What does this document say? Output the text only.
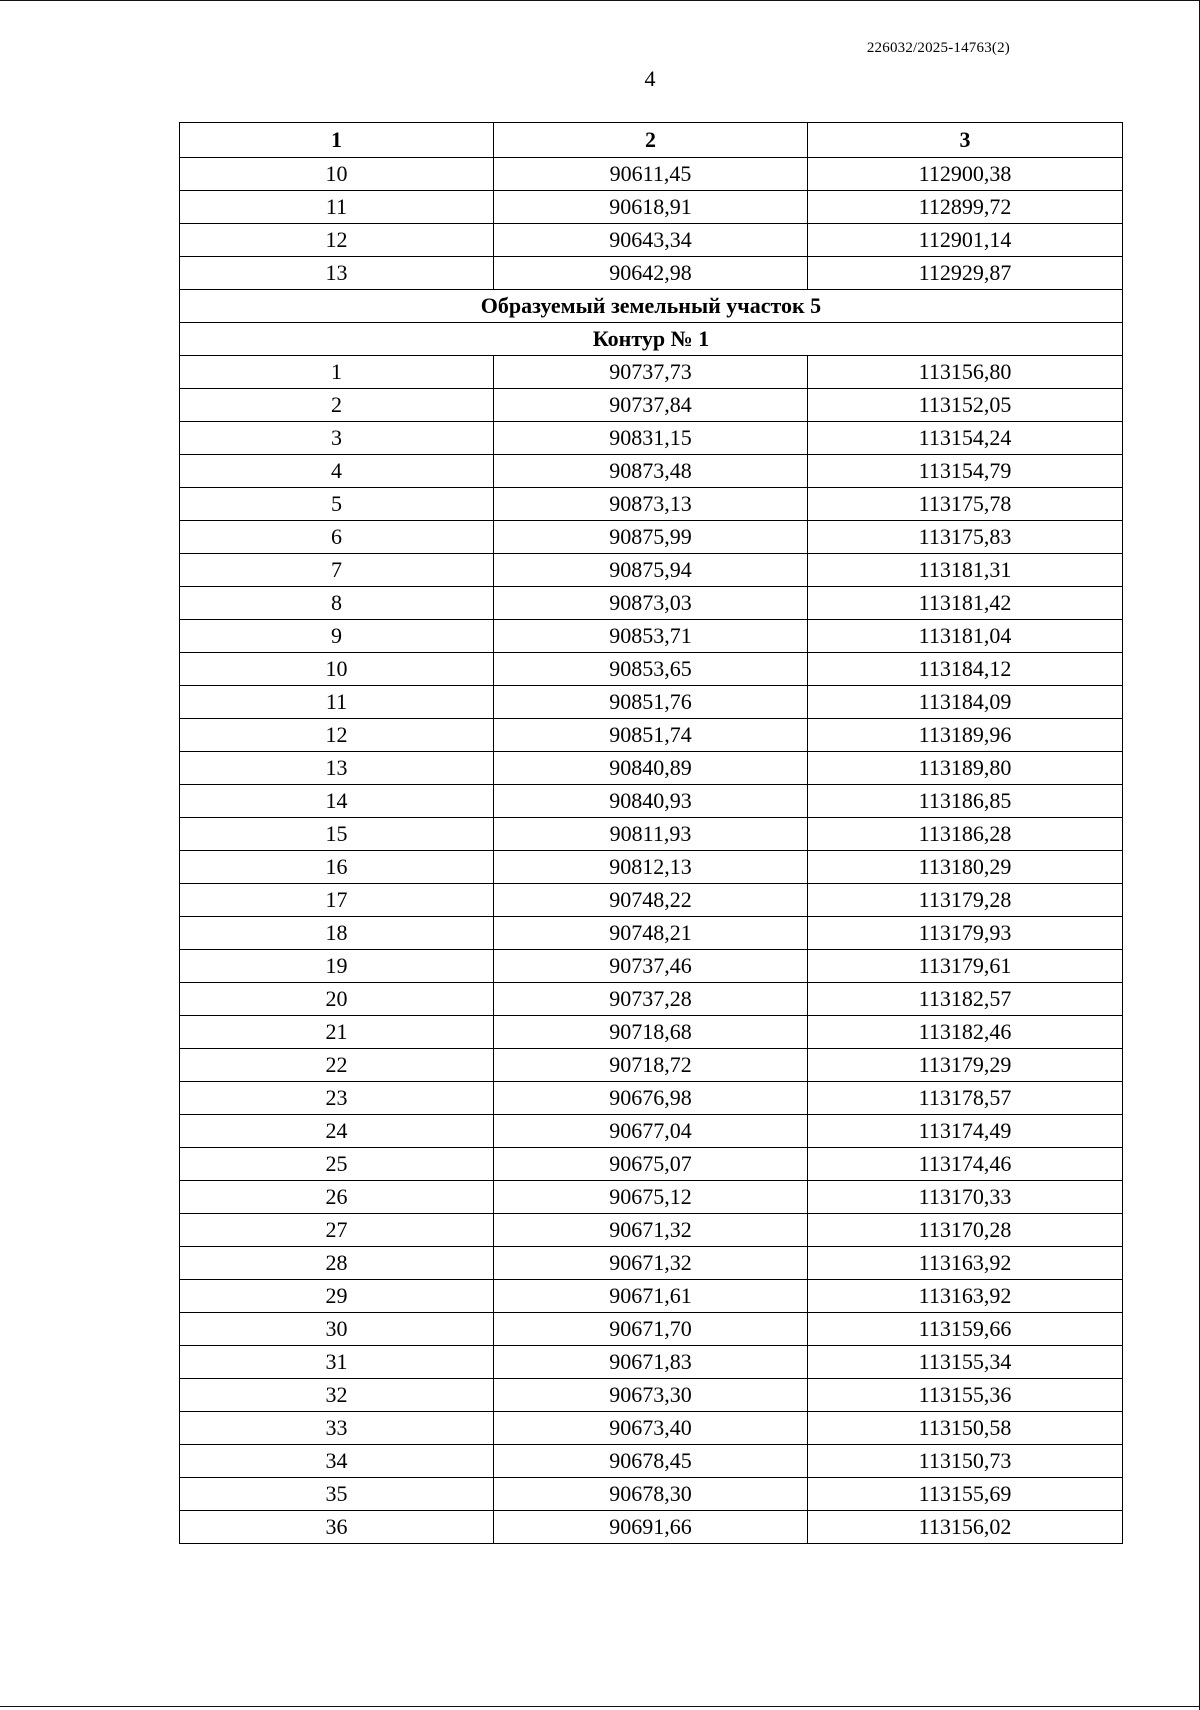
226032/2025-14763(2)
4
1	2	3
10	90611,45	112900,38
11	90618,91	112899,72
12	90643,34	112901,14
13	90642,98	112929,87
Образуемый земельный участок 5		
Контур № 1		
1	90737,73	113156,80
2	90737,84	113152,05
3	90831,15	113154,24
4	90873,48	113154,79
5	90873,13	113175,78
6	90875,99	113175,83
7	90875,94	113181,31
8	90873,03	113181,42
9	90853,71	113181,04
10	90853,65	113184,12
11	90851,76	113184,09
12	90851,74	113189,96
13	90840,89	113189,80
14	90840,93	113186,85
15	90811,93	113186,28
16	90812,13	113180,29
17	90748,22	113179,28
18	90748,21	113179,93
19	90737,46	113179,61
20	90737,28	113182,57
21	90718,68	113182,46
22	90718,72	113179,29
23	90676,98	113178,57
24	90677,04	113174,49
25	90675,07	113174,46
26	90675,12	113170,33
27	90671,32	113170,28
28	90671,32	113163,92
29	90671,61	113163,92
30	90671,70	113159,66
31	90671,83	113155,34
32	90673,30	113155,36
33	90673,40	113150,58
34	90678,45	113150,73
35	90678,30	113155,69
36	90691,66	113156,02
